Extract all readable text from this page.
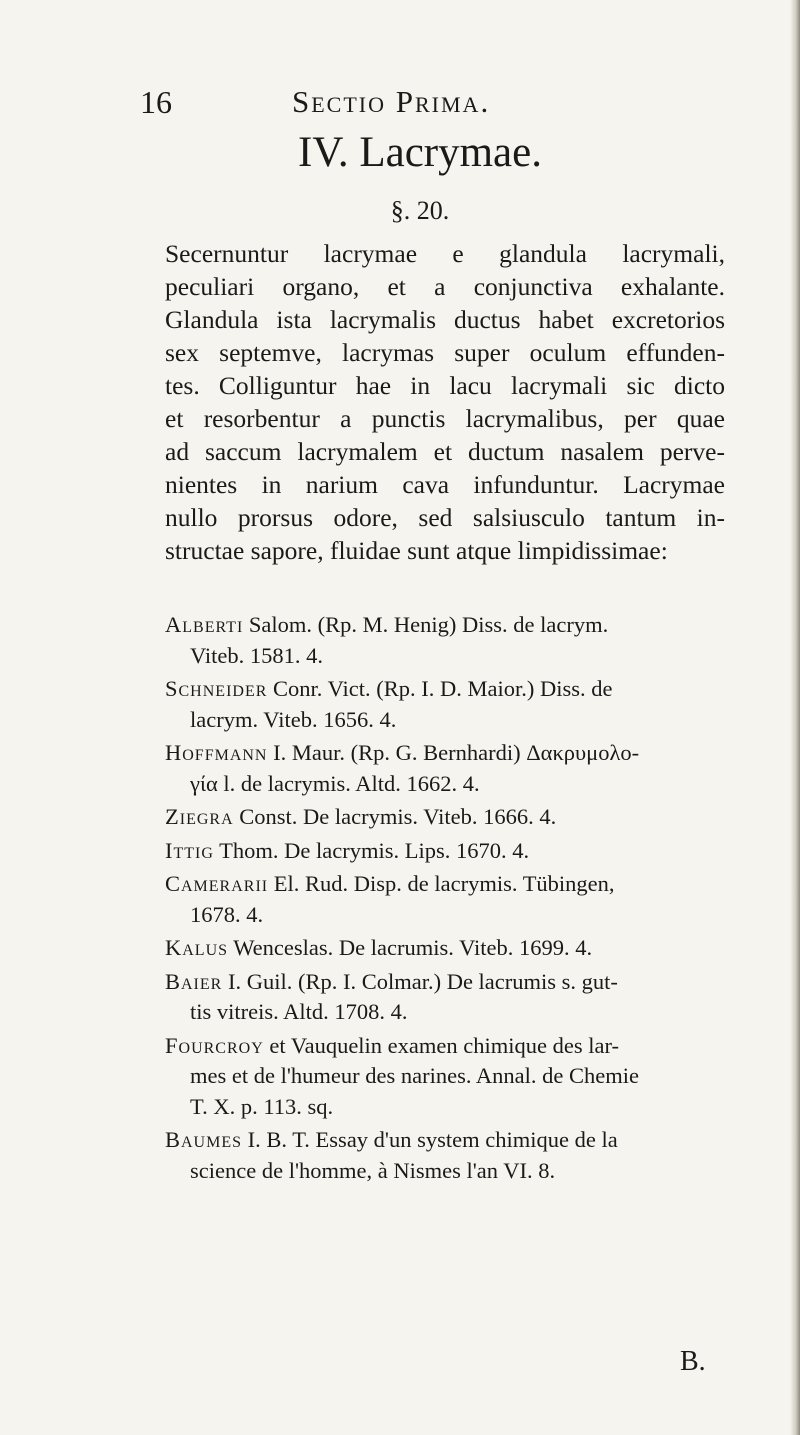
16	Sectio Prima.
IV. Lacrymae.
§. 20.
Secernuntur lacrymae e glandula lacrymali,
peculiari organo, et a conjunctiva exhalante.
Glandula ista lacrymalis ductus habet excretorios
sex septemve, lacrymas super oculum effunden-
tes. Colliguntur hae in lacu lacrymali sic dicto
et resorbentur a punctis lacrymalibus, per quae
ad saccum lacrymalem et ductum nasalem perve-
nientes in narium cava infunduntur. Lacrymae
nullo prorsus odore, sed salsiusculo tantum in-
structae sapore, fluidae sunt atque limpidissimae:
Alberti Salom. (Rp. M. Henig) Diss. de lacrym.
Viteb. 1581. 4.
Schneider Conr. Vict. (Rp. I. D. Maior.) Diss. de
lacrym. Viteb. 1656. 4.
Hoffmann I. Maur. (Rp. G. Bernhardi) Δακρυμολο-
γία l. de lacrymis. Altd. 1662. 4.
Ziegra Const. De lacrymis. Viteb. 1666. 4.
Ittig Thom. De lacrymis. Lips. 1670. 4.
Camerarii El. Rud. Disp. de lacrymis. Tübingen,
1678. 4.
Kalus Wenceslas. De lacrumis. Viteb. 1699. 4.
Baier I. Guil. (Rp. I. Colmar.) De lacrumis s. gut-
tis vitreis. Altd. 1708. 4.
Fourcroy et Vauquelin examen chimique des lar-
mes et de l'humeur des narines. Annal. de Chemie
T. X. p. 113. sq.
Baumes I. B. T. Essay d'un system chimique de la
science de l'homme, à Nismes l'an VI. 8.
B.
